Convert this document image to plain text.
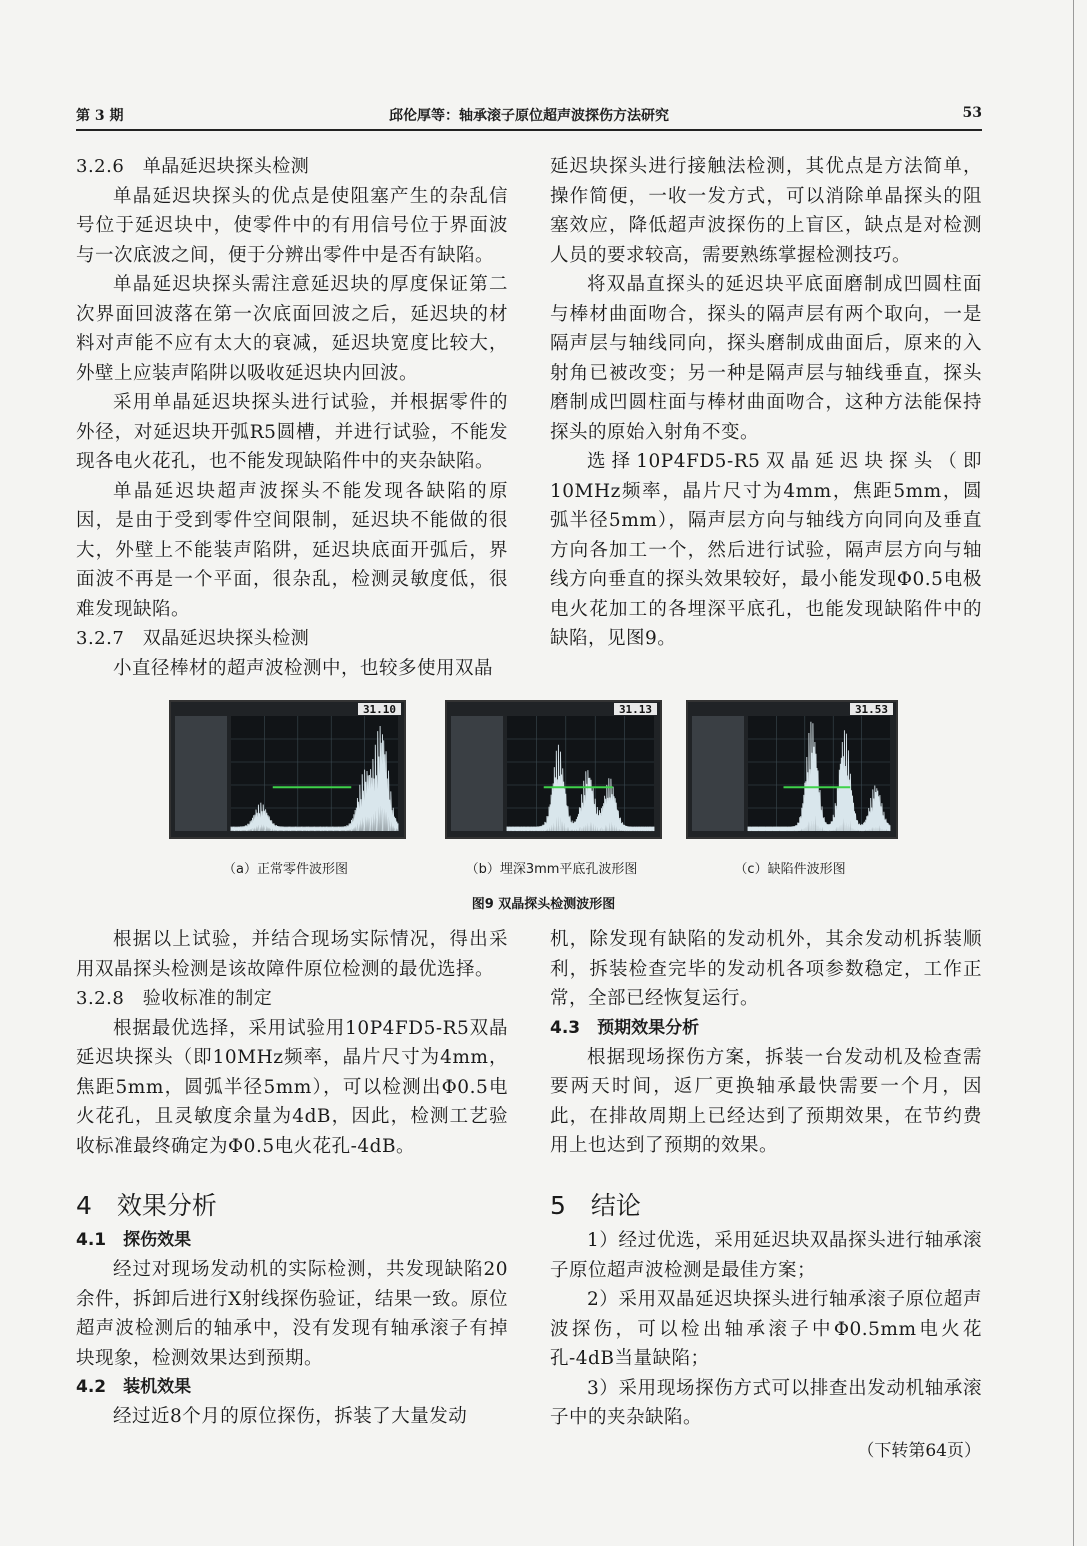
第 3 期	邱伦厚等：轴承滚子原位超声波探伤方法研究	53

3.2.6　单晶延迟块探头检测

单晶延迟块探头的优点是使阻塞产生的杂乱信号位于延迟块中，使零件中的有用信号位于界面波与一次底波之间，便于分辨出零件中是否有缺陷。

单晶延迟块探头需注意延迟块的厚度保证第二次界面回波落在第一次底面回波之后，延迟块的材料对声能不应有太大的衰减，延迟块宽度比较大，外壁上应装声陷阱以吸收延迟块内回波。

采用单晶延迟块探头进行试验，并根据零件的外径，对延迟块开弧R5圆槽，并进行试验，不能发现各电火花孔，也不能发现缺陷件中的夹杂缺陷。

单晶延迟块超声波探头不能发现各缺陷的原因，是由于受到零件空间限制，延迟块不能做的很大，外壁上不能装声陷阱，延迟块底面开弧后，界面波不再是一个平面，很杂乱，检测灵敏度低，很难发现缺陷。

3.2.7　双晶延迟块探头检测

小直径棒材的超声波检测中，也较多使用双晶

延迟块探头进行接触法检测，其优点是方法简单，操作简便，一收一发方式，可以消除单晶探头的阻塞效应，降低超声波探伤的上盲区，缺点是对检测人员的要求较高，需要熟练掌握检测技巧。

将双晶直探头的延迟块平底面磨制成凹圆柱面与棒材曲面吻合，探头的隔声层有两个取向，一是隔声层与轴线同向，探头磨制成曲面后，原来的入射角已被改变；另一种是隔声层与轴线垂直，探头磨制成凹圆柱面与棒材曲面吻合，这种方法能保持探头的原始入射角不变。

选择10P4FD5-R5双晶延迟块探头（即10MHz频率，晶片尺寸为4mm，焦距5mm，圆弧半径5mm），隔声层方向与轴线方向同向及垂直方向各加工一个，然后进行试验，隔声层方向与轴线方向垂直的探头效果较好，最小能发现Φ0.5电极电火花加工的各埋深平底孔，也能发现缺陷件中的缺陷，见图9。

31.10	31.13	31.53
（a）正常零件波形图	（b）埋深3mm平底孔波形图	（c）缺陷件波形图
图9 双晶探头检测波形图

根据以上试验，并结合现场实际情况，得出采用双晶探头检测是该故障件原位检测的最优选择。

3.2.8　验收标准的制定

根据最优选择，采用试验用10P4FD5-R5双晶延迟块探头（即10MHz频率，晶片尺寸为4mm，焦距5mm，圆弧半径5mm），可以检测出Φ0.5电火花孔，且灵敏度余量为4dB，因此，检测工艺验收标准最终确定为Φ0.5电火花孔-4dB。

机，除发现有缺陷的发动机外，其余发动机拆装顺利，拆装检查完毕的发动机各项参数稳定，工作正常，全部已经恢复运行。

4.3　预期效果分析

根据现场探伤方案，拆装一台发动机及检查需要两天时间，返厂更换轴承最快需要一个月，因此，在排故周期上已经达到了预期效果，在节约费用上也达到了预期的效果。

4　效果分析

4.1　探伤效果

经过对现场发动机的实际检测，共发现缺陷20余件，拆卸后进行X射线探伤验证，结果一致。原位超声波检测后的轴承中，没有发现有轴承滚子有掉块现象，检测效果达到预期。

4.2　装机效果

经过近8个月的原位探伤，拆装了大量发动

5　结论

1）经过优选，采用延迟块双晶探头进行轴承滚子原位超声波检测是最佳方案；

2）采用双晶延迟块探头进行轴承滚子原位超声波探伤，可以检出轴承滚子中Φ0.5mm电火花孔-4dB当量缺陷；

3）采用现场探伤方式可以排查出发动机轴承滚子中的夹杂缺陷。

（下转第64页）
